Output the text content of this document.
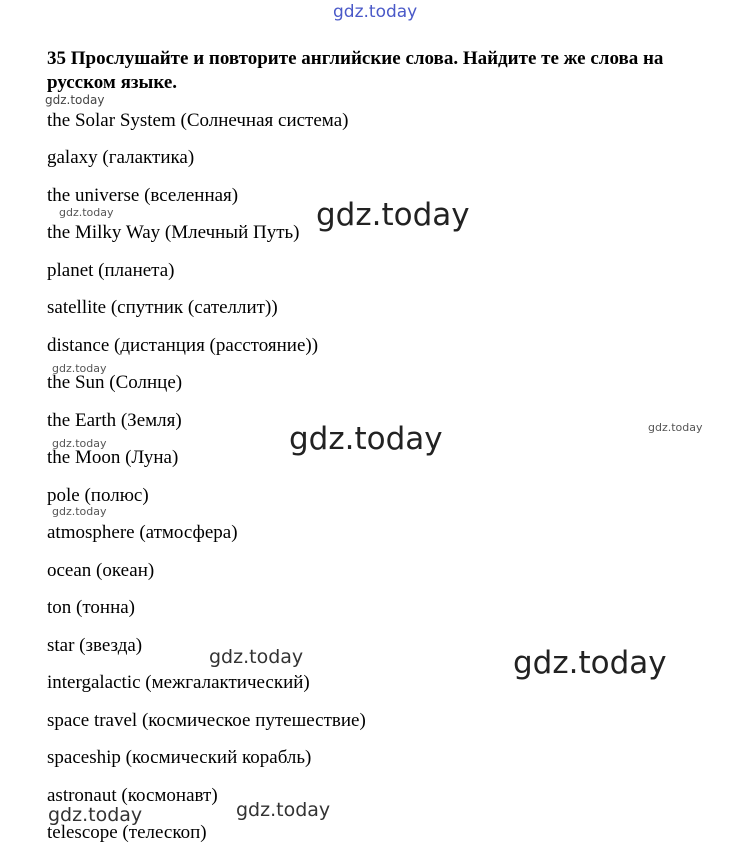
gdz.today

35 Прослушайте и повторите английские слова. Найдите те же слова на русском языке.

the Solar System (Солнечная система)
galaxy (галактика)
the universe (вселенная)
the Milky Way (Млечный Путь)
planet (планета)
satellite (спутник (сателлит))
distance (дистанция (расстояние))
the Sun (Солнце)
the Earth (Земля)
the Moon (Луна)
pole (полюс)
atmosphere (атмосфера)
ocean (океан)
ton (тонна)
star (звезда)
intergalactic (межгалактический)
space travel (космическое путешествие)
spaceship (космический корабль)
astronaut (космонавт)
telescope (телескоп)
gdz.today
gdz.today	gdz.today
gdz.today
gdz.today	gdz.today
gdz.today
gdz.today
gdz.today	gdz.today
gdz.today
gdz.today
